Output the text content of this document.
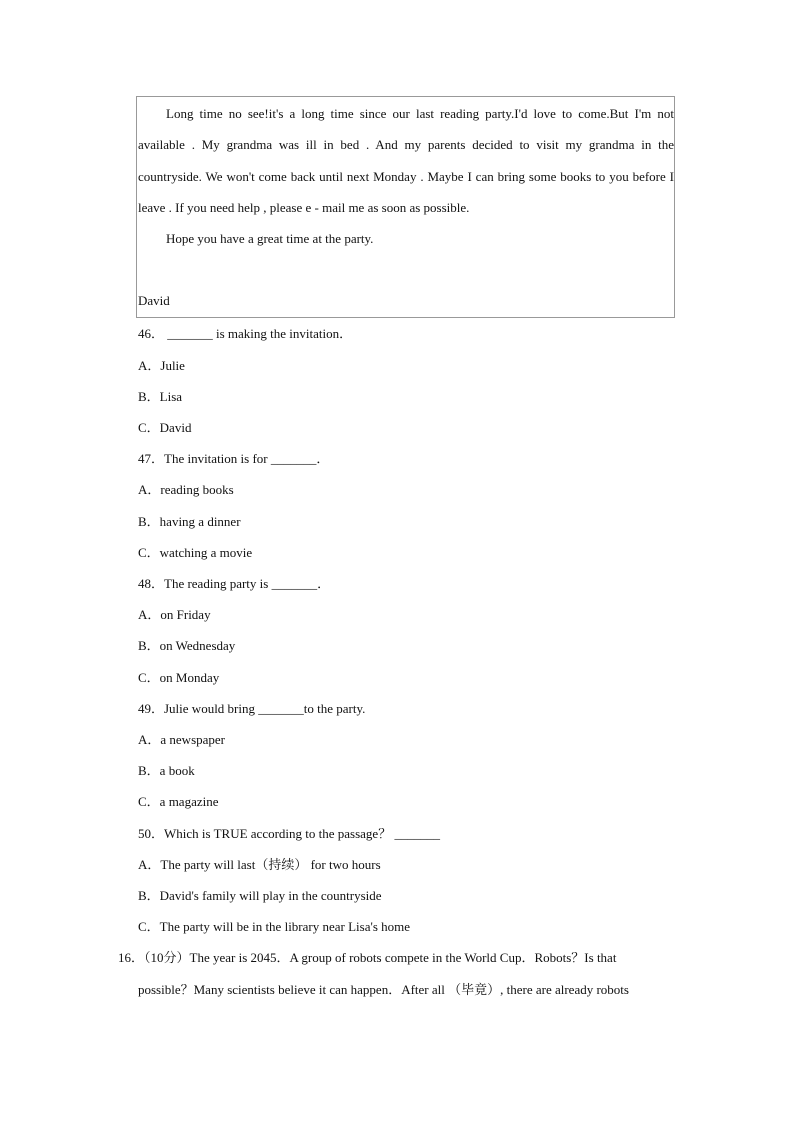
Long time no see!it's a long time since our last reading party.I'd love to come.But I'm not available . My grandma was ill in bed . And my parents decided to visit my grandma in the countryside. We won't come back until next Monday . Maybe I can bring some books to you before I leave . If you need help , please e - mail me as soon as possible.

Hope you have a great time at the party.

David

46． _______ is making the invitation．

A．Julie

B．Lisa

C．David

47．The invitation is for _______．

A．reading books

B．having a dinner

C．watching a movie

48．The reading party is _______．

A．on Friday

B．on Wednesday

C．on Monday

49．Julie would bring _______to the party.

A．a newspaper

B．a book

C．a magazine

50．Which is TRUE according to the passage？ _______

A．The party will last（持续） for two hours

B．David's family will play in the countryside

C．The party will be in the library near Lisa's home

16．（10分）The year is 2045．A group of robots compete in the World Cup．Robots？Is that

possible？Many scientists believe it can happen．After all （毕竟）, there are already robots
